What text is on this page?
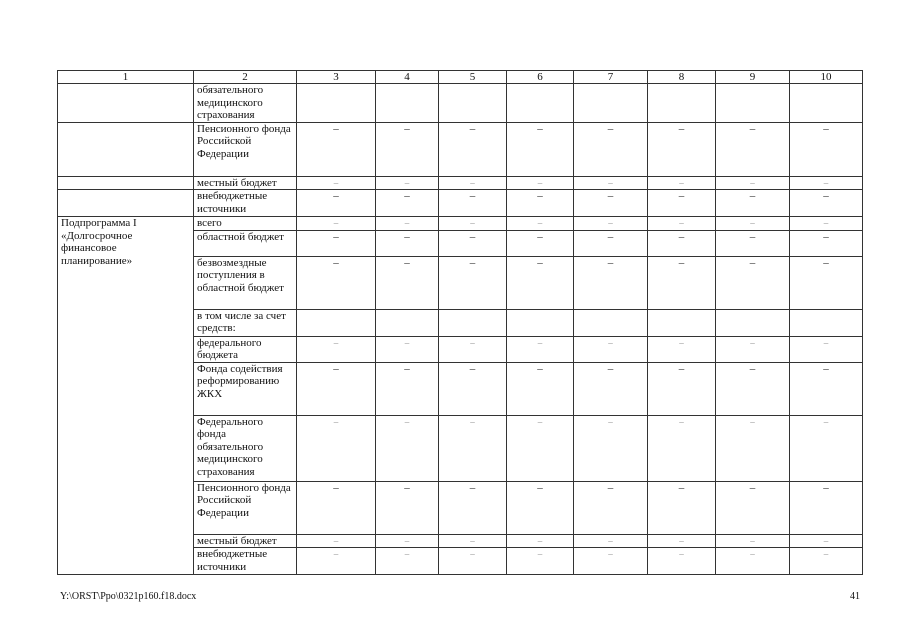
1	2	3	4	5	6	7	8	9	10
	обязательного медицинского страхования								
	Пенсионного фонда Российской Федерации	–	–	–	–	–	–	–	–
	местный бюджет	–	–	–	–	–	–	–	–
	внебюджетные источники	–	–	–	–	–	–	–	–
Подпрограмма I «Долгосрочное финансовое планирование»	всего	–	–	–	–	–	–	–	–
	областной бюджет	–	–	–	–	–	–	–	–
	безвозмездные поступления в областной бюджет	–	–	–	–	–	–	–	–
	в том числе за счет средств:								
	федерального бюджета	–	–	–	–	–	–	–	–
	Фонда содействия реформированию ЖКХ	–	–	–	–	–	–	–	–
	Федерального фонда обязательного медицинского страхования	–	–	–	–	–	–	–	–
	Пенсионного фонда Российской Федерации	–	–	–	–	–	–	–	–
	местный бюджет	–	–	–	–	–	–	–	–
	внебюджетные источники	–	–	–	–	–	–	–	–
Y:\ORST\Ppo\0321p160.f18.docx	41
